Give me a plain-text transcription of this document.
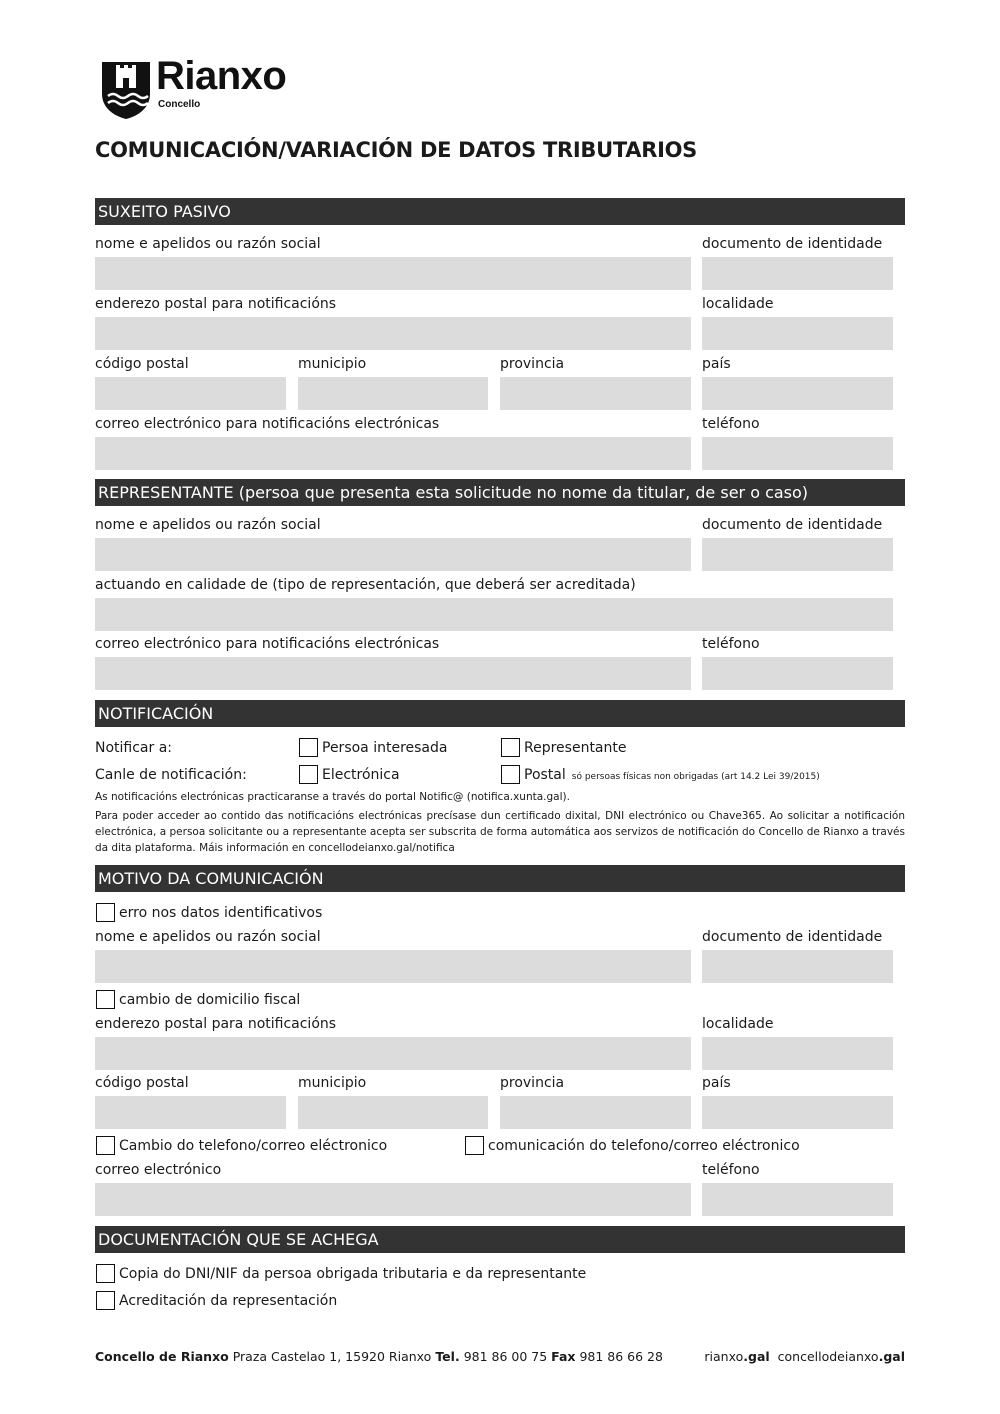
Rianxo
Concello
COMUNICACIÓN/VARIACIÓN DE DATOS TRIBUTARIOS
SUXEITO PASIVO
nome e apelidos ou razón social	documento de identidade
enderezo postal para notificacións	localidade
código postal	municipio	provincia	país
correo electrónico para notificacións electrónicas	teléfono
REPRESENTANTE (persoa que presenta esta solicitude no nome da titular, de ser o caso)
nome e apelidos ou razón social	documento de identidade
actuando en calidade de (tipo de representación, que deberá ser acreditada)
correo electrónico para notificacións electrónicas	teléfono
NOTIFICACIÓN
Notificar a:	Persoa interesada	Representante
Canle de notificación:	Electrónica	Postal só persoas físicas non obrigadas (art 14.2 Lei 39/2015)
As notificacións electrónicas practicaranse a través do portal Notific@ (notifica.xunta.gal).
Para poder acceder ao contido das notificacións electrónicas precísase dun certificado dixital, DNI electrónico ou Chave365. Ao solicitar a notificación electrónica, a persoa solicitante ou a representante acepta ser subscrita de forma automática aos servizos de notificación do Concello de Rianxo a través da dita plataforma. Máis información en concellodeianxo.gal/notifica
MOTIVO DA COMUNICACIÓN
erro nos datos identificativos
nome e apelidos ou razón social	documento de identidade
cambio de domicilio fiscal
enderezo postal para notificacións	localidade
código postal	municipio	provincia	país
Cambio do telefono/correo eléctronico	comunicación do telefono/correo eléctronico
correo electrónico	teléfono
DOCUMENTACIÓN QUE SE ACHEGA
Copia do DNI/NIF da persoa obrigada tributaria e da representante
Acreditación da representación
Concello de Rianxo Praza Castelao 1, 15920 Rianxo Tel. 981 86 00 75 Fax 981 86 66 28	rianxo.gal concellodeianxo.gal
